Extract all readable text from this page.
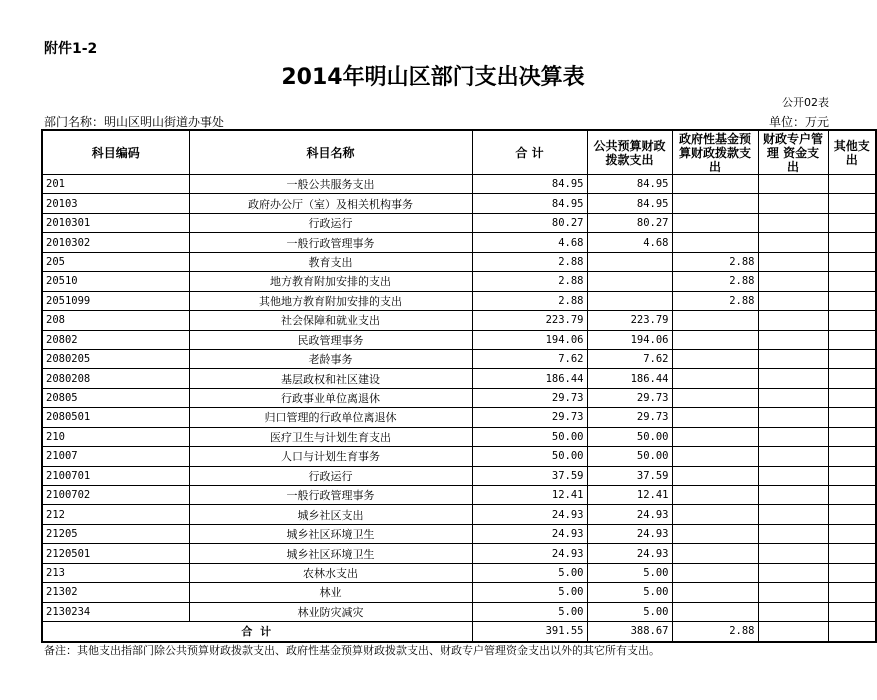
附件1-2
2014年明山区部门支出决算表
公开02表
部门名称：明山区明山街道办事处	单位：万元
科目编码	科目名称	合 计	公共预算财政拨款支出	政府性基金预算财政拨款支出	财政专户管理 资金支出	其他支出
201	一般公共服务支出	84.95	84.95			
20103	政府办公厅（室）及相关机构事务	84.95	84.95			
2010301	行政运行	80.27	80.27			
2010302	一般行政管理事务	4.68	4.68			
205	教育支出	2.88		2.88		
20510	地方教育附加安排的支出	2.88		2.88		
2051099	其他地方教育附加安排的支出	2.88		2.88		
208	社会保障和就业支出	223.79	223.79			
20802	民政管理事务	194.06	194.06			
2080205	老龄事务	7.62	7.62			
2080208	基层政权和社区建设	186.44	186.44			
20805	行政事业单位离退休	29.73	29.73			
2080501	归口管理的行政单位离退休	29.73	29.73			
210	医疗卫生与计划生育支出	50.00	50.00			
21007	人口与计划生育事务	50.00	50.00			
2100701	行政运行	37.59	37.59			
2100702	一般行政管理事务	12.41	12.41			
212	城乡社区支出	24.93	24.93			
21205	城乡社区环境卫生	24.93	24.93			
2120501	城乡社区环境卫生	24.93	24.93			
213	农林水支出	5.00	5.00			
21302	林业	5.00	5.00			
2130234	林业防灾减灾	5.00	5.00			
合 计		391.55	388.67	2.88		
备注：其他支出指部门除公共预算财政拨款支出、政府性基金预算财政拨款支出、财政专户管理资金支出以外的其它所有支出。
